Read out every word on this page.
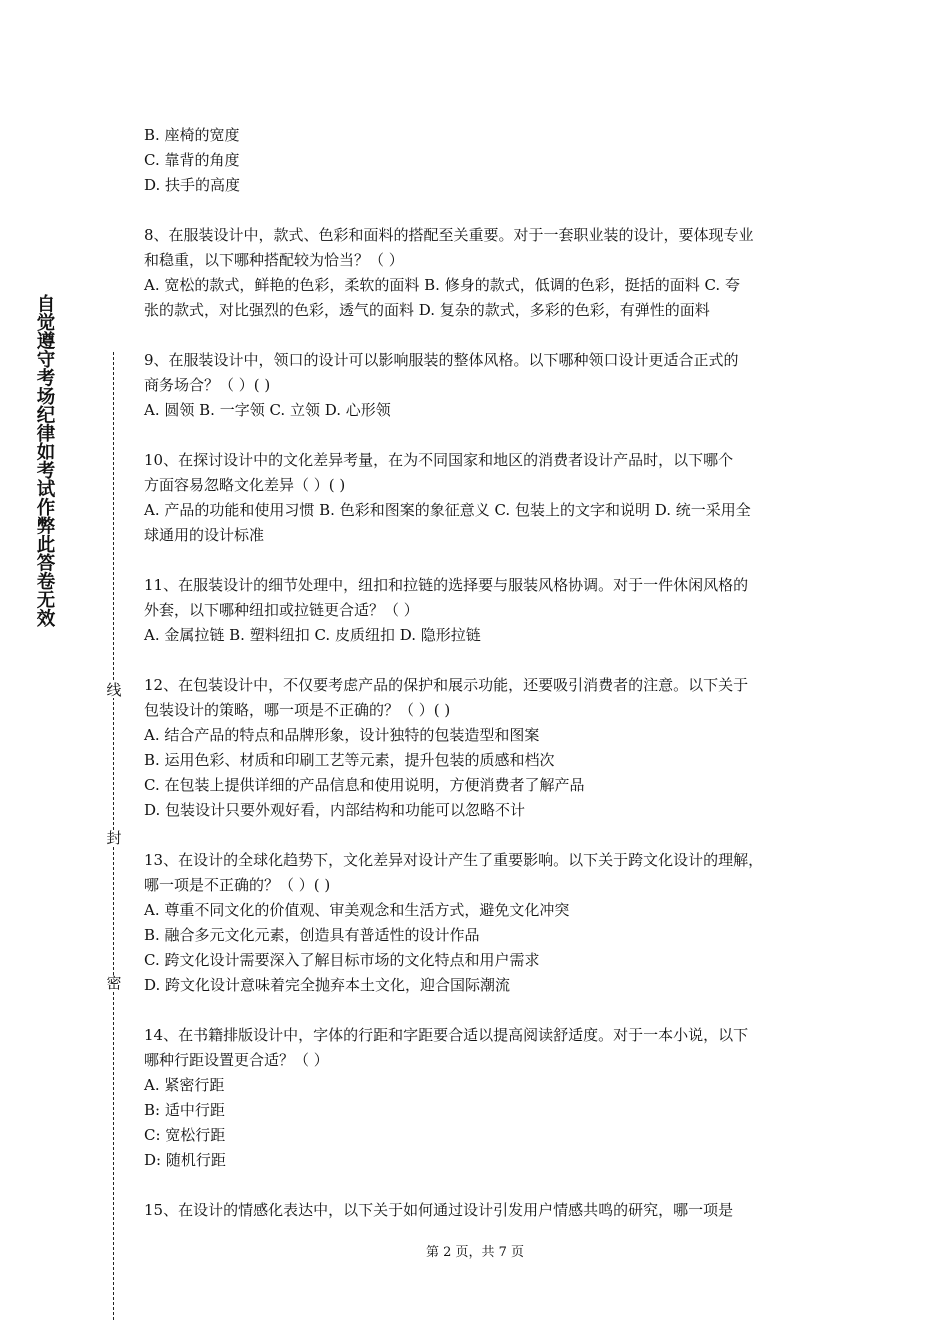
自觉遵守考场纪律如考试作弊此答卷无效
线
封
密
B. 座椅的宽度
C. 靠背的角度
D. 扶手的高度
8、在服装设计中，款式、色彩和面料的搭配至关重要。对于一套职业装的设计，要体现专业
和稳重，以下哪种搭配较为恰当？（ ）
A. 宽松的款式，鲜艳的色彩，柔软的面料 B. 修身的款式，低调的色彩，挺括的面料 C. 夸
张的款式，对比强烈的色彩，透气的面料 D. 复杂的款式，多彩的色彩，有弹性的面料
9、在服装设计中，领口的设计可以影响服装的整体风格。以下哪种领口设计更适合正式的
商务场合？（ ）( )
A. 圆领 B. 一字领 C. 立领 D. 心形领
10、在探讨设计中的文化差异考量，在为不同国家和地区的消费者设计产品时，以下哪个
方面容易忽略文化差异（ ）( )
A. 产品的功能和使用习惯 B. 色彩和图案的象征意义 C. 包装上的文字和说明 D. 统一采用全
球通用的设计标准
11、在服装设计的细节处理中，纽扣和拉链的选择要与服装风格协调。对于一件休闲风格的
外套，以下哪种纽扣或拉链更合适？（ ）
A. 金属拉链 B. 塑料纽扣 C. 皮质纽扣 D. 隐形拉链
12、在包装设计中，不仅要考虑产品的保护和展示功能，还要吸引消费者的注意。以下关于
包装设计的策略，哪一项是不正确的？（ ）( )
A. 结合产品的特点和品牌形象，设计独特的包装造型和图案
B. 运用色彩、材质和印刷工艺等元素，提升包装的质感和档次
C. 在包装上提供详细的产品信息和使用说明，方便消费者了解产品
D. 包装设计只要外观好看，内部结构和功能可以忽略不计
13、在设计的全球化趋势下，文化差异对设计产生了重要影响。以下关于跨文化设计的理解，
哪一项是不正确的？（ ）( )
A. 尊重不同文化的价值观、审美观念和生活方式，避免文化冲突
B. 融合多元文化元素，创造具有普适性的设计作品
C. 跨文化设计需要深入了解目标市场的文化特点和用户需求
D. 跨文化设计意味着完全抛弃本土文化，迎合国际潮流
14、在书籍排版设计中，字体的行距和字距要合适以提高阅读舒适度。对于一本小说，以下
哪种行距设置更合适？（ ）
A. 紧密行距
B: 适中行距
C: 宽松行距
D: 随机行距
15、在设计的情感化表达中，以下关于如何通过设计引发用户情感共鸣的研究，哪一项是
第 2 页，共 7 页
